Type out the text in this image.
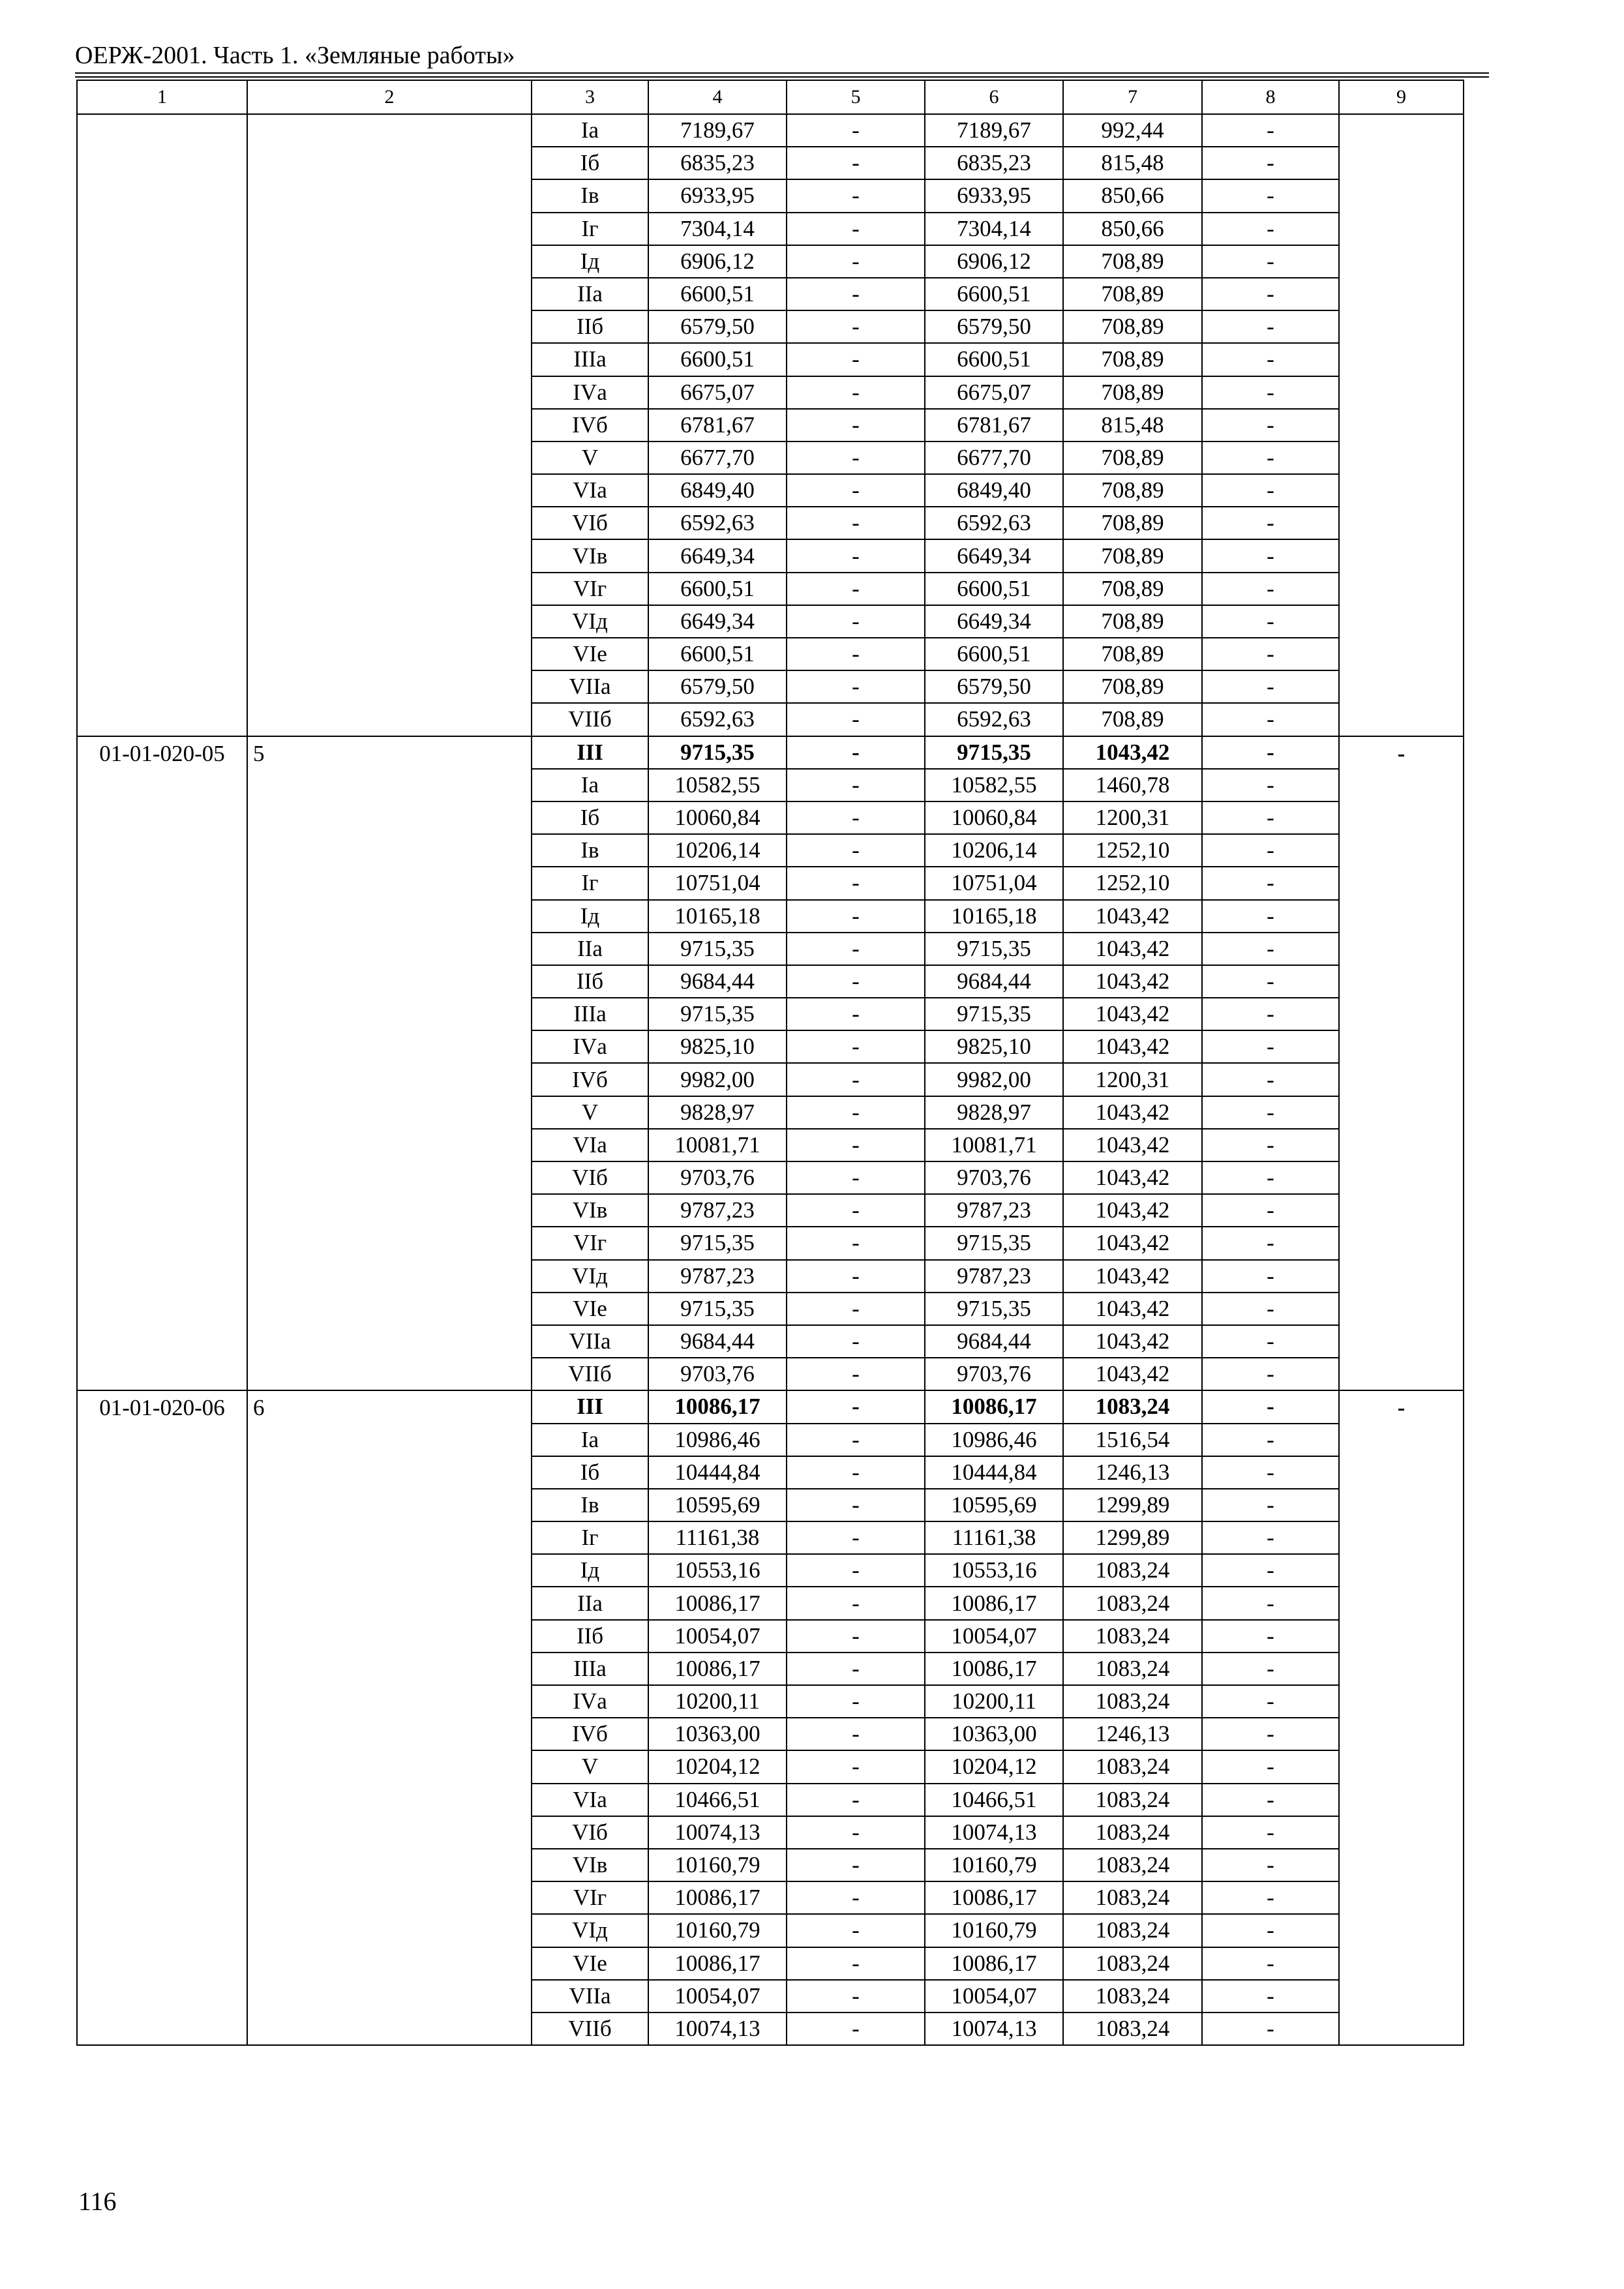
ОЕРЖ-2001. Часть 1. «Земляные работы»
1	2	3	4	5	6	7	8	9
		Iа	7189,67	-	7189,67	992,44	-	
		Iб	6835,23	-	6835,23	815,48	-	
		Iв	6933,95	-	6933,95	850,66	-	
		Iг	7304,14	-	7304,14	850,66	-	
		Iд	6906,12	-	6906,12	708,89	-	
		IIа	6600,51	-	6600,51	708,89	-	
		IIб	6579,50	-	6579,50	708,89	-	
		IIIа	6600,51	-	6600,51	708,89	-	
		IVа	6675,07	-	6675,07	708,89	-	
		IVб	6781,67	-	6781,67	815,48	-	
		V	6677,70	-	6677,70	708,89	-	
		VIа	6849,40	-	6849,40	708,89	-	
		VIб	6592,63	-	6592,63	708,89	-	
		VIв	6649,34	-	6649,34	708,89	-	
		VIг	6600,51	-	6600,51	708,89	-	
		VIд	6649,34	-	6649,34	708,89	-	
		VIе	6600,51	-	6600,51	708,89	-	
		VIIа	6579,50	-	6579,50	708,89	-	
		VIIб	6592,63	-	6592,63	708,89	-	
01-01-020-05	5	III	9715,35	-	9715,35	1043,42	-	-
		Iа	10582,55	-	10582,55	1460,78	-	
		Iб	10060,84	-	10060,84	1200,31	-	
		Iв	10206,14	-	10206,14	1252,10	-	
		Iг	10751,04	-	10751,04	1252,10	-	
		Iд	10165,18	-	10165,18	1043,42	-	
		IIа	9715,35	-	9715,35	1043,42	-	
		IIб	9684,44	-	9684,44	1043,42	-	
		IIIа	9715,35	-	9715,35	1043,42	-	
		IVа	9825,10	-	9825,10	1043,42	-	
		IVб	9982,00	-	9982,00	1200,31	-	
		V	9828,97	-	9828,97	1043,42	-	
		VIа	10081,71	-	10081,71	1043,42	-	
		VIб	9703,76	-	9703,76	1043,42	-	
		VIв	9787,23	-	9787,23	1043,42	-	
		VIг	9715,35	-	9715,35	1043,42	-	
		VIд	9787,23	-	9787,23	1043,42	-	
		VIе	9715,35	-	9715,35	1043,42	-	
		VIIа	9684,44	-	9684,44	1043,42	-	
		VIIб	9703,76	-	9703,76	1043,42	-	
01-01-020-06	6	III	10086,17	-	10086,17	1083,24	-	-
		Iа	10986,46	-	10986,46	1516,54	-	
		Iб	10444,84	-	10444,84	1246,13	-	
		Iв	10595,69	-	10595,69	1299,89	-	
		Iг	11161,38	-	11161,38	1299,89	-	
		Iд	10553,16	-	10553,16	1083,24	-	
		IIа	10086,17	-	10086,17	1083,24	-	
		IIб	10054,07	-	10054,07	1083,24	-	
		IIIа	10086,17	-	10086,17	1083,24	-	
		IVа	10200,11	-	10200,11	1083,24	-	
		IVб	10363,00	-	10363,00	1246,13	-	
		V	10204,12	-	10204,12	1083,24	-	
		VIа	10466,51	-	10466,51	1083,24	-	
		VIб	10074,13	-	10074,13	1083,24	-	
		VIв	10160,79	-	10160,79	1083,24	-	
		VIг	10086,17	-	10086,17	1083,24	-	
		VIд	10160,79	-	10160,79	1083,24	-	
		VIе	10086,17	-	10086,17	1083,24	-	
		VIIа	10054,07	-	10054,07	1083,24	-	
		VIIб	10074,13	-	10074,13	1083,24	-	
116
